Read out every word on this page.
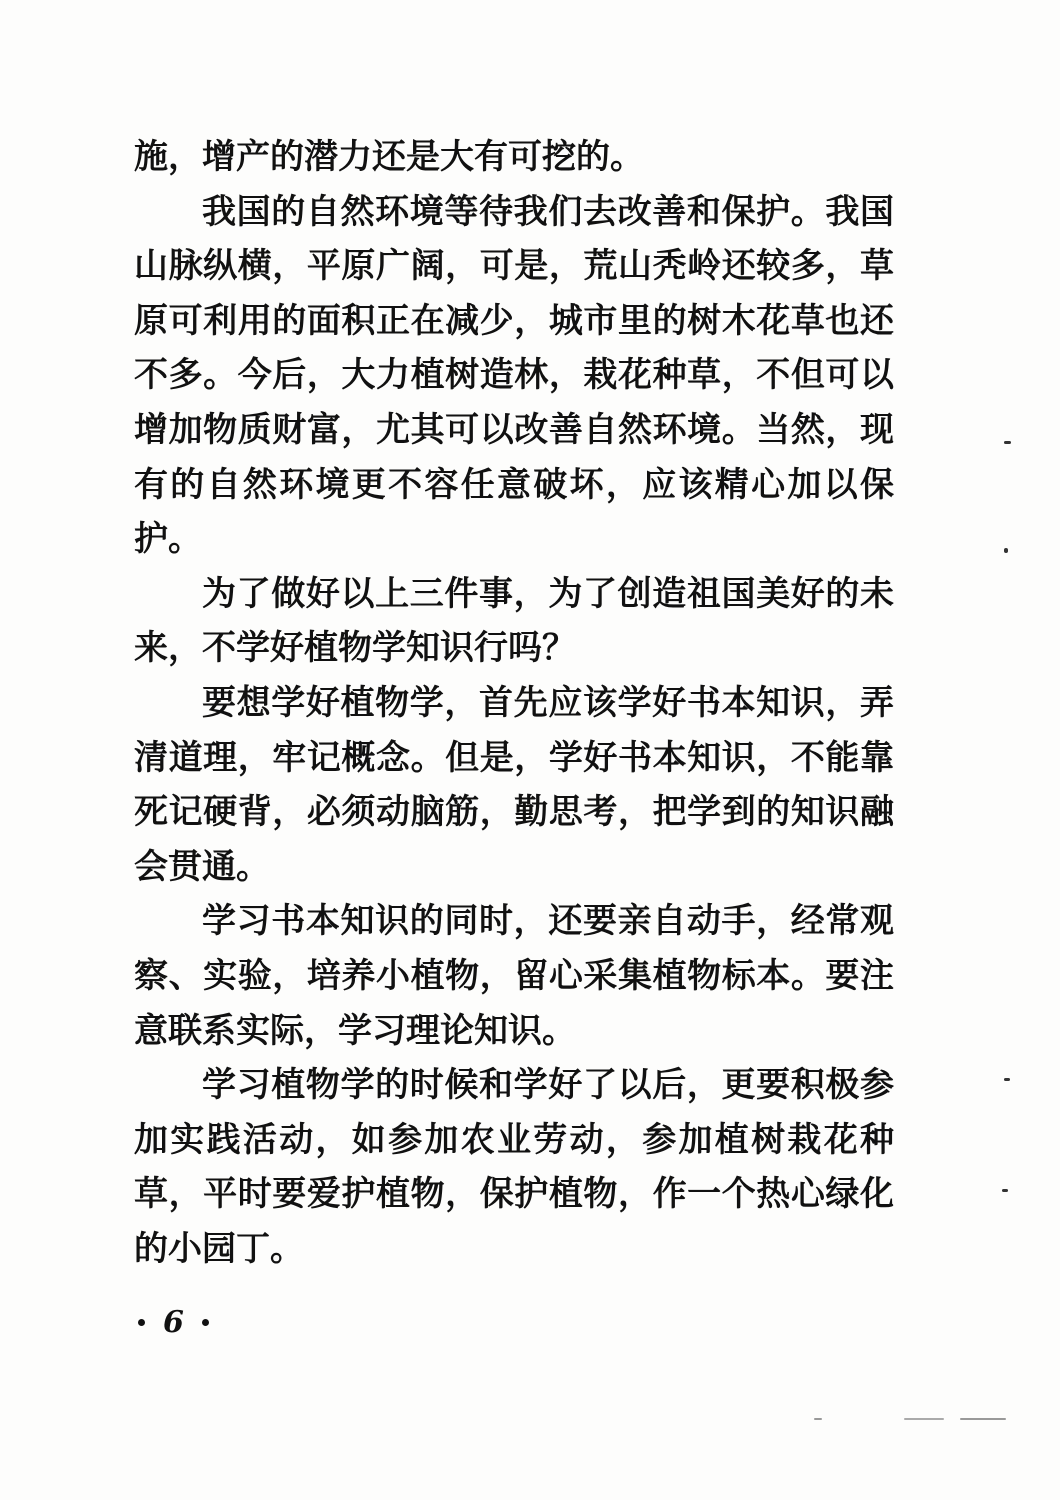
施，增产的潜力还是大有可挖的。

我国的自然环境等待我们去改善和保护。我国山脉纵横，平原广阔，可是，荒山秃岭还较多，草原可利用的面积正在减少，城市里的树木花草也还不多。今后，大力植树造林，栽花种草，不但可以增加物质财富，尤其可以改善自然环境。当然，现有的自然环境更不容任意破坏，应该精心加以保护。

为了做好以上三件事，为了创造祖国美好的未来，不学好植物学知识行吗？

要想学好植物学，首先应该学好书本知识，弄清道理，牢记概念。但是，学好书本知识，不能靠死记硬背，必须动脑筋，勤思考，把学到的知识融会贯通。

学习书本知识的同时，还要亲自动手，经常观察、实验，培养小植物，留心采集植物标本。要注意联系实际，学习理论知识。

学习植物学的时候和学好了以后，更要积极参加实践活动，如参加农业劳动，参加植树栽花种草，平时要爱护植物，保护植物，作一个热心绿化的小园丁。

6
